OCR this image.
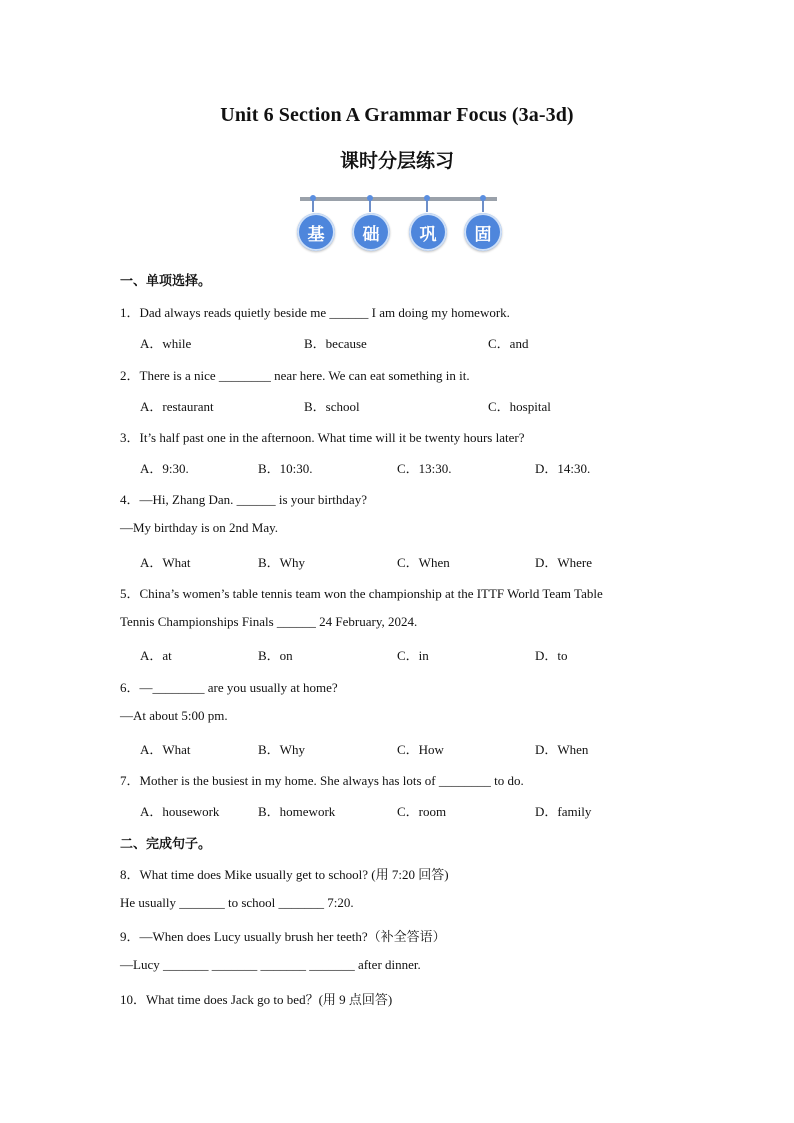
Unit 6 Section A Grammar Focus (3a-3d)
课时分层练习
基	础	巩	固
一、单项选择。
1．Dad always reads quietly beside me ______ I am doing my homework.
A．while	B．because	C．and
2．There is a nice ________ near here. We can eat something in it.
A．restaurant	B．school	C．hospital
3．It’s half past one in the afternoon. What time will it be twenty hours later?
A．9:30.	B．10:30.	C．13:30.	D．14:30.
4．—Hi, Zhang Dan. ______ is your birthday?
—My birthday is on 2nd May.
A．What	B．Why	C．When	D．Where
5．China’s women’s table tennis team won the championship at the ITTF World Team Table
Tennis Championships Finals ______ 24 February, 2024.
A．at	B．on	C．in	D．to
6．—________ are you usually at home?
—At about 5:00 pm.
A．What	B．Why	C．How	D．When
7．Mother is the busiest in my home. She always has lots of ________ to do.
A．housework	B．homework	C．room	D．family
二、完成句子。
8．What time does Mike usually get to school? (用 7:20 回答)
He usually _______ to school _______ 7:20.
9．—When does Lucy usually brush her teeth?（补全答语）
—Lucy _______ _______ _______ _______ after dinner.
10．What time does Jack go to bed？(用 9 点回答)
